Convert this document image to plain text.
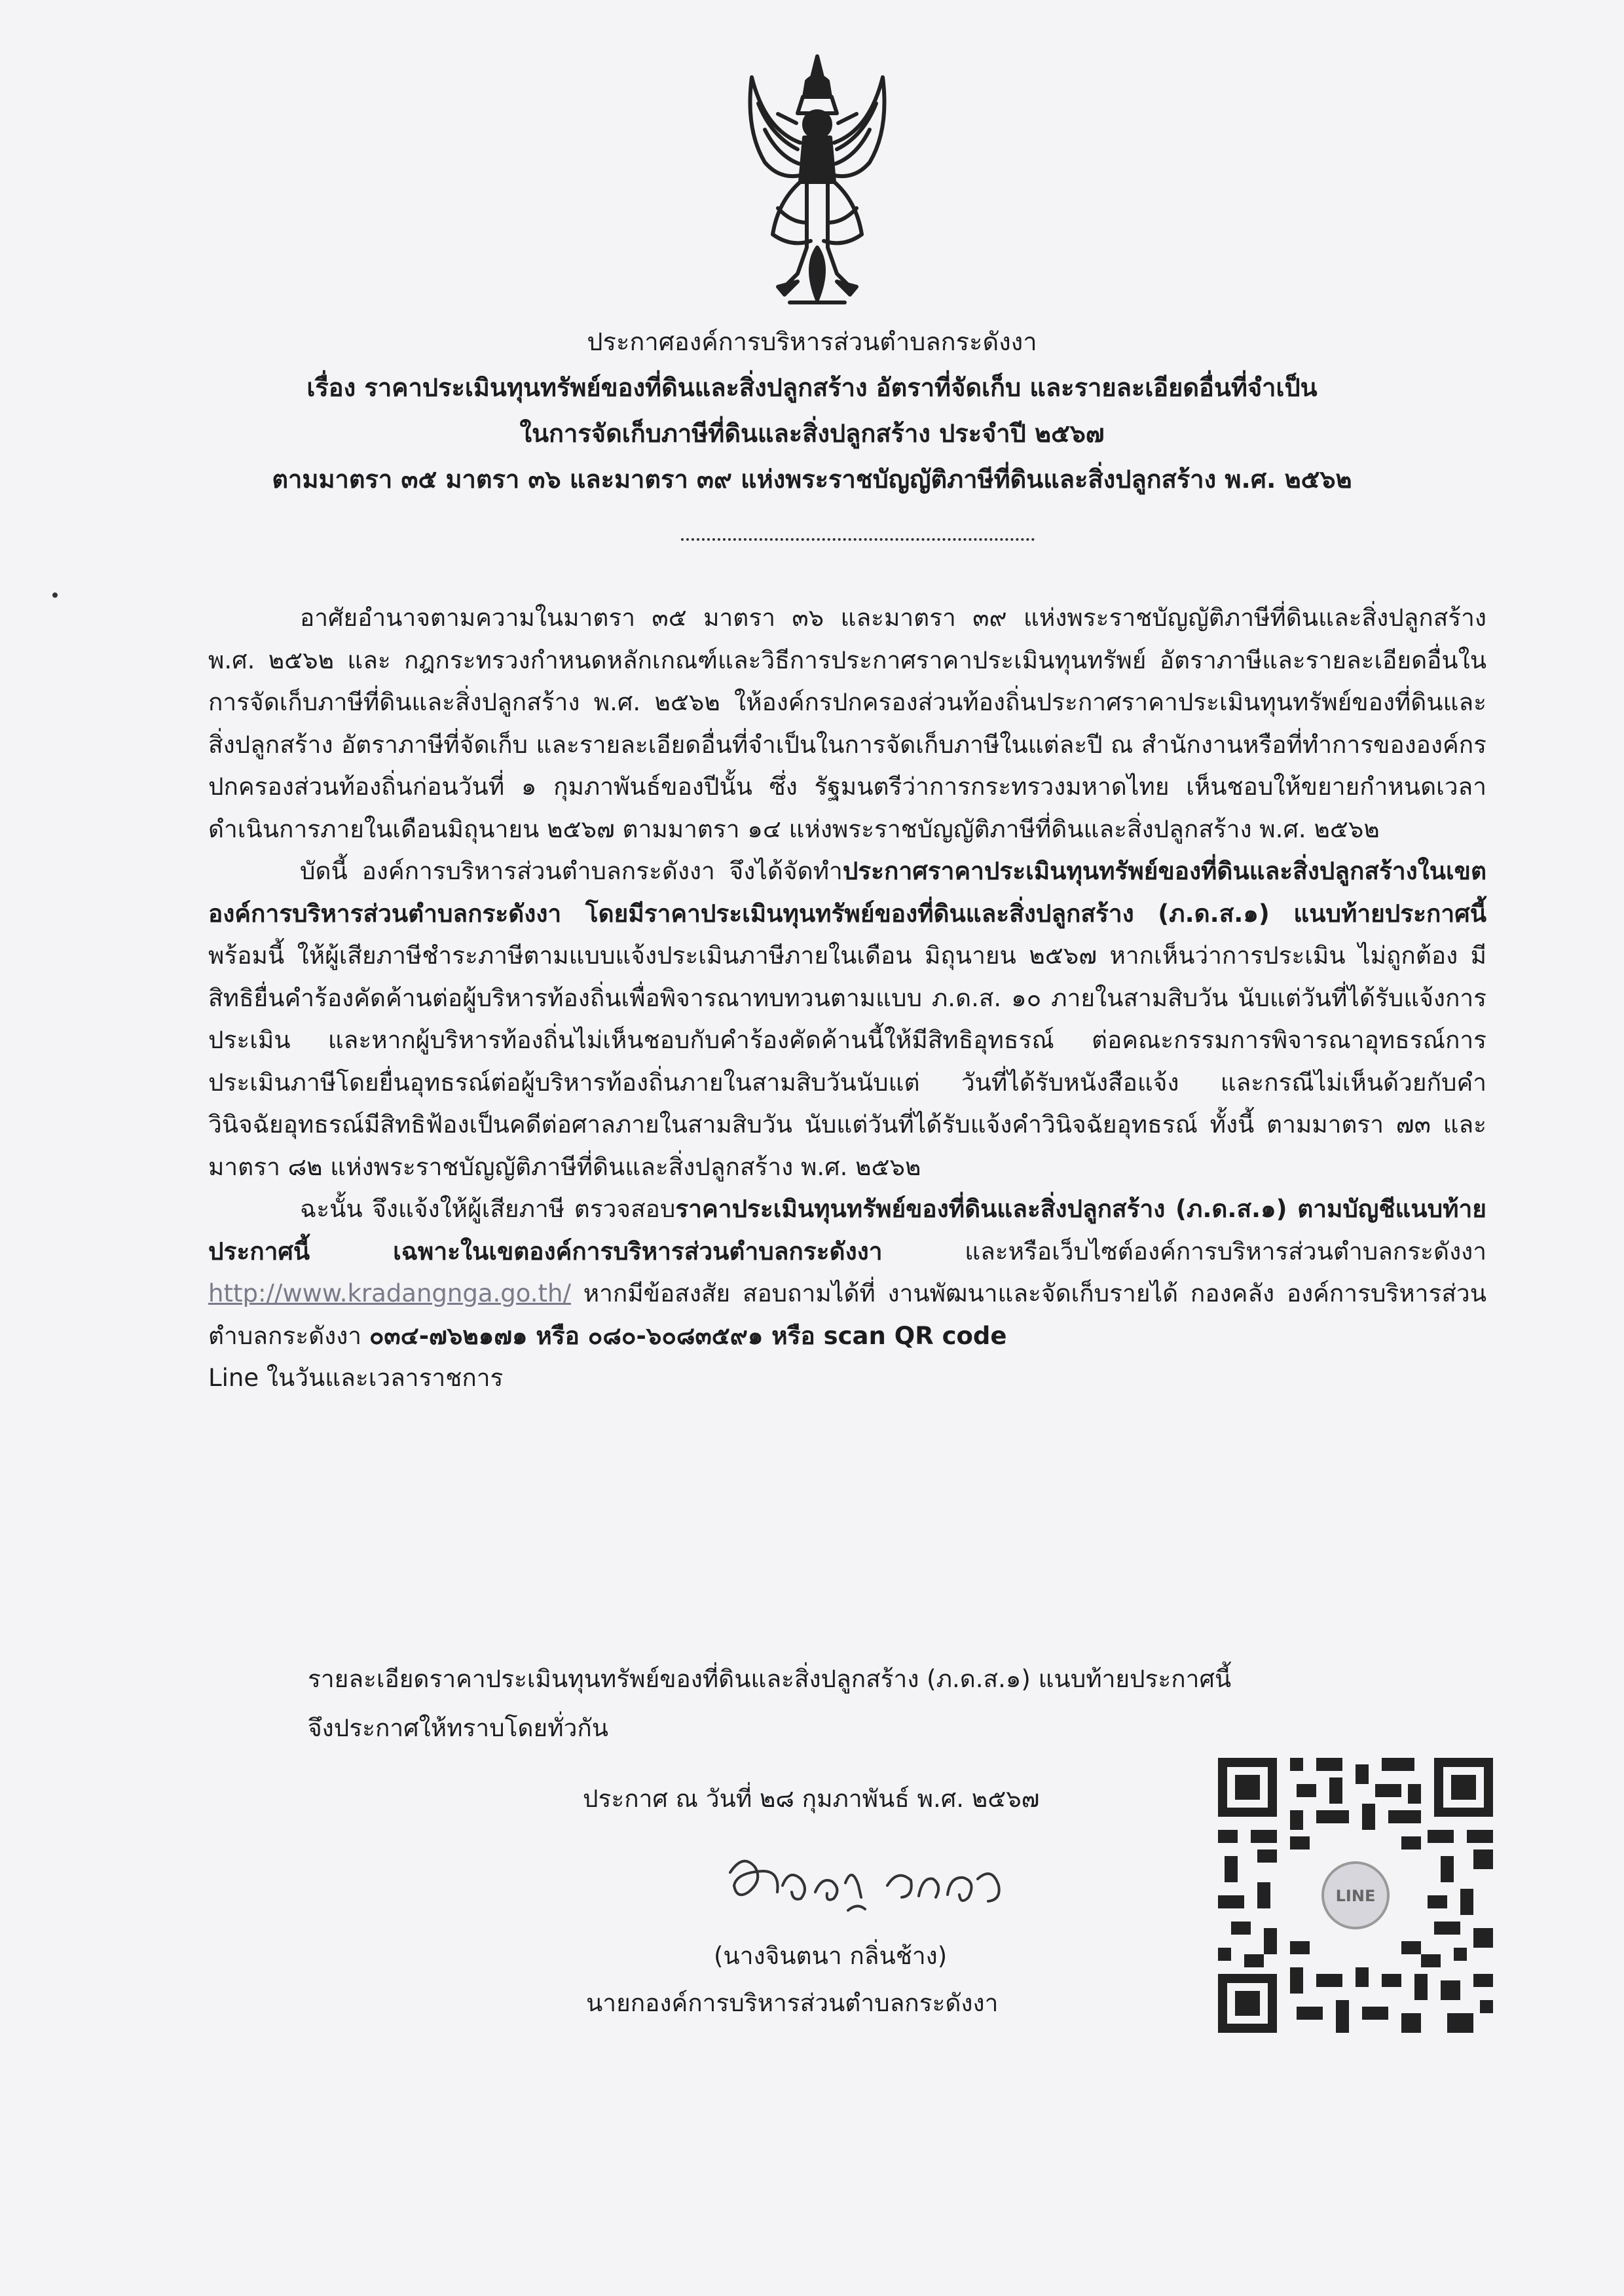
ประกาศองค์การบริหารส่วนตำบลกระดังงา
เรื่อง ราคาประเมินทุนทรัพย์ของที่ดินและสิ่งปลูกสร้าง อัตราที่จัดเก็บ และรายละเอียดอื่นที่จำเป็น
ในการจัดเก็บภาษีที่ดินและสิ่งปลูกสร้าง ประจำปี ๒๕๖๗
ตามมาตรา ๓๕ มาตรา ๓๖ และมาตรา ๓๙ แห่งพระราชบัญญัติภาษีที่ดินและสิ่งปลูกสร้าง พ.ศ. ๒๕๖๒

อาศัยอำนาจตามความในมาตรา ๓๕ มาตรา ๓๖ และมาตรา ๓๙ แห่งพระราชบัญญัติภาษีที่ดินและสิ่งปลูกสร้าง พ.ศ. ๒๕๖๒ และ กฎกระทรวงกำหนดหลักเกณฑ์และวิธีการประกาศราคาประเมินทุนทรัพย์ อัตราภาษีและรายละเอียดอื่นในการจัดเก็บภาษีที่ดินและสิ่งปลูกสร้าง พ.ศ. ๒๕๖๒ ให้องค์กรปกครองส่วนท้องถิ่นประกาศราคาประเมินทุนทรัพย์ของที่ดินและสิ่งปลูกสร้าง อัตราภาษีที่จัดเก็บ และรายละเอียดอื่นที่จำเป็นในการจัดเก็บภาษีในแต่ละปี ณ สำนักงานหรือที่ทำการขององค์กรปกครองส่วนท้องถิ่นก่อนวันที่ ๑ กุมภาพันธ์ของปีนั้น ซึ่ง รัฐมนตรีว่าการกระทรวงมหาดไทย เห็นชอบให้ขยายกำหนดเวลาดำเนินการภายในเดือนมิถุนายน ๒๕๖๗ ตามมาตรา ๑๔ แห่งพระราชบัญญัติภาษีที่ดินและสิ่งปลูกสร้าง พ.ศ. ๒๕๖๒

บัดนี้ องค์การบริหารส่วนตำบลกระดังงา จึงได้จัดทำประกาศราคาประเมินทุนทรัพย์ของที่ดินและสิ่งปลูกสร้างในเขตองค์การบริหารส่วนตำบลกระดังงา โดยมีราคาประเมินทุนทรัพย์ของที่ดินและสิ่งปลูกสร้าง (ภ.ด.ส.๑) แนบท้ายประกาศนี้ พร้อมนี้ ให้ผู้เสียภาษีชำระภาษีตามแบบแจ้งประเมินภาษีภายในเดือน มิถุนายน ๒๕๖๗ หากเห็นว่าการประเมิน ไม่ถูกต้อง มีสิทธิยื่นคำร้องคัดค้านต่อผู้บริหารท้องถิ่นเพื่อพิจารณาทบทวนตามแบบ ภ.ด.ส. ๑๐ ภายในสามสิบวัน นับแต่วันที่ได้รับแจ้งการประเมิน และหากผู้บริหารท้องถิ่นไม่เห็นชอบกับคำร้องคัดค้านนี้ให้มีสิทธิอุทธรณ์ ต่อคณะกรรมการพิจารณาอุทธรณ์การประเมินภาษีโดยยื่นอุทธรณ์ต่อผู้บริหารท้องถิ่นภายในสามสิบวันนับแต่ วันที่ได้รับหนังสือแจ้ง และกรณีไม่เห็นด้วยกับคำวินิจฉัยอุทธรณ์มีสิทธิฟ้องเป็นคดีต่อศาลภายในสามสิบวัน นับแต่วันที่ได้รับแจ้งคำวินิจฉัยอุทธรณ์ ทั้งนี้ ตามมาตรา ๗๓ และมาตรา ๘๒ แห่งพระราชบัญญัติภาษีที่ดินและสิ่งปลูกสร้าง พ.ศ. ๒๕๖๒

ฉะนั้น จึงแจ้งให้ผู้เสียภาษี ตรวจสอบราคาประเมินทุนทรัพย์ของที่ดินและสิ่งปลูกสร้าง (ภ.ด.ส.๑) ตามบัญชีแนบท้ายประกาศนี้ เฉพาะในเขตองค์การบริหารส่วนตำบลกระดังงา และหรือเว็บไซต์องค์การบริหารส่วนตำบลกระดังงา http://www.kradangnga.go.th/ หากมีข้อสงสัย สอบถามได้ที่ งานพัฒนาและจัดเก็บรายได้ กองคลัง องค์การบริหารส่วนตำบลกระดังงา ๐๓๔-๗๖๒๑๗๑ หรือ ๐๘๐-๖๐๘๓๕๙๑ หรือ scan QR code

Line ในวันและเวลาราชการ

รายละเอียดราคาประเมินทุนทรัพย์ของที่ดินและสิ่งปลูกสร้าง (ภ.ด.ส.๑) แนบท้ายประกาศนี้
จึงประกาศให้ทราบโดยทั่วกัน
ประกาศ ณ วันที่ ๒๘ กุมภาพันธ์ พ.ศ. ๒๕๖๗
(นางจินตนา กลิ่นช้าง)
นายกองค์การบริหารส่วนตำบลกระดังงา
LINE
